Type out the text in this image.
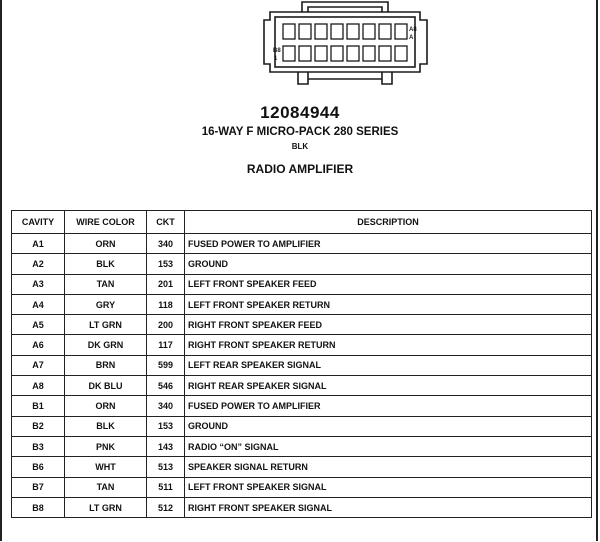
A8
A
B8
1
12084944
16-WAY F MICRO-PACK 280 SERIES
BLK
RADIO AMPLIFIER
CAVITY	WIRE COLOR	CKT	DESCRIPTION
A1	ORN	340	FUSED POWER TO AMPLIFIER
A2	BLK	153	GROUND
A3	TAN	201	LEFT FRONT SPEAKER FEED
A4	GRY	118	LEFT FRONT SPEAKER RETURN
A5	LT GRN	200	RIGHT FRONT SPEAKER FEED
A6	DK GRN	117	RIGHT FRONT SPEAKER RETURN
A7	BRN	599	LEFT REAR SPEAKER SIGNAL
A8	DK BLU	546	RIGHT REAR SPEAKER SIGNAL
B1	ORN	340	FUSED POWER TO AMPLIFIER
B2	BLK	153	GROUND
B3	PNK	143	RADIO “ON” SIGNAL
B6	WHT	513	SPEAKER SIGNAL RETURN
B7	TAN	511	LEFT FRONT SPEAKER SIGNAL
B8	LT GRN	512	RIGHT FRONT SPEAKER SIGNAL
